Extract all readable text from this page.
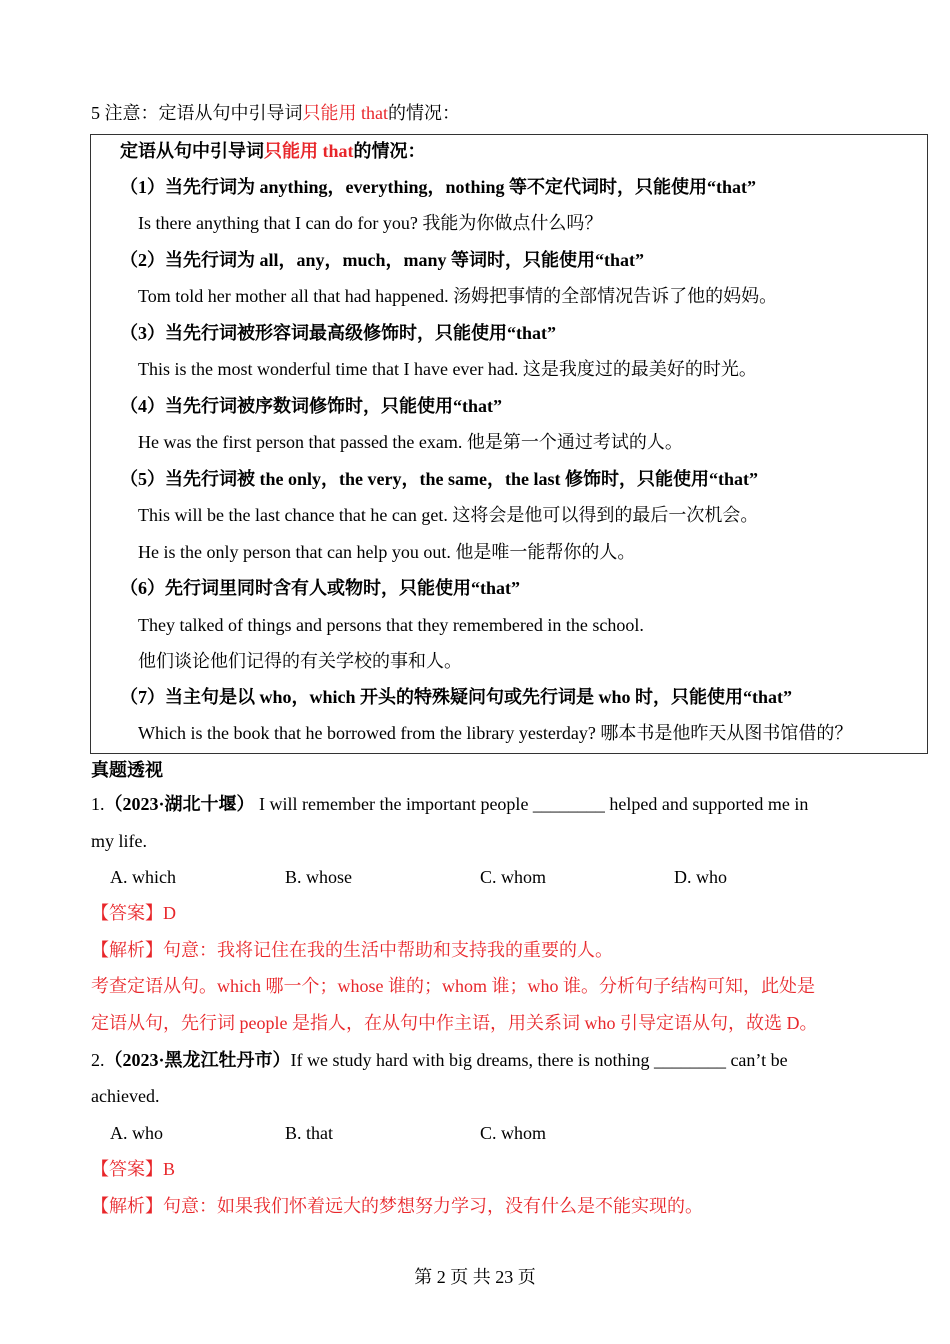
5 注意：定语从句中引导词只能用 that的情况：
定语从句中引导词只能用 that的情况：
（1）当先行词为 anything，everything，nothing 等不定代词时，只能使用“that”
Is there anything that I can do for you? 我能为你做点什么吗？
（2）当先行词为 all，any，much，many 等词时，只能使用“that”
Tom told her mother all that had happened. 汤姆把事情的全部情况告诉了他的妈妈。
（3）当先行词被形容词最高级修饰时，只能使用“that”
This is the most wonderful time that I have ever had. 这是我度过的最美好的时光。
（4）当先行词被序数词修饰时，只能使用“that”
He was the first person that passed the exam. 他是第一个通过考试的人。
（5）当先行词被 the only，the very，the same，the last 修饰时，只能使用“that”
This will be the last chance that he can get. 这将会是他可以得到的最后一次机会。
He is the only person that can help you out. 他是唯一能帮你的人。
（6）先行词里同时含有人或物时，只能使用“that”
They talked of things and persons that they remembered in the school.
他们谈论他们记得的有关学校的事和人。
（7）当主句是以 who，which 开头的特殊疑问句或先行词是 who 时，只能使用“that”
Which is the book that he borrowed from the library yesterday? 哪本书是他昨天从图书馆借的？
真题透视
1.（2023·湖北十堰） I will remember the important people ________ helped and supported me in
my life.
A. which	B. whose	C. whom	D. who
【答案】D
【解析】句意：我将记住在我的生活中帮助和支持我的重要的人。
考查定语从句。which 哪一个；whose 谁的；whom 谁；who 谁。分析句子结构可知，此处是
定语从句，先行词 people 是指人，在从句中作主语，用关系词 who 引导定语从句，故选 D。
2.（2023·黑龙江牡丹市）If we study hard with big dreams, there is nothing ________ can’t be
achieved.
A. who	B. that	C. whom
【答案】B
【解析】句意：如果我们怀着远大的梦想努力学习，没有什么是不能实现的。
第 2 页 共 23 页
